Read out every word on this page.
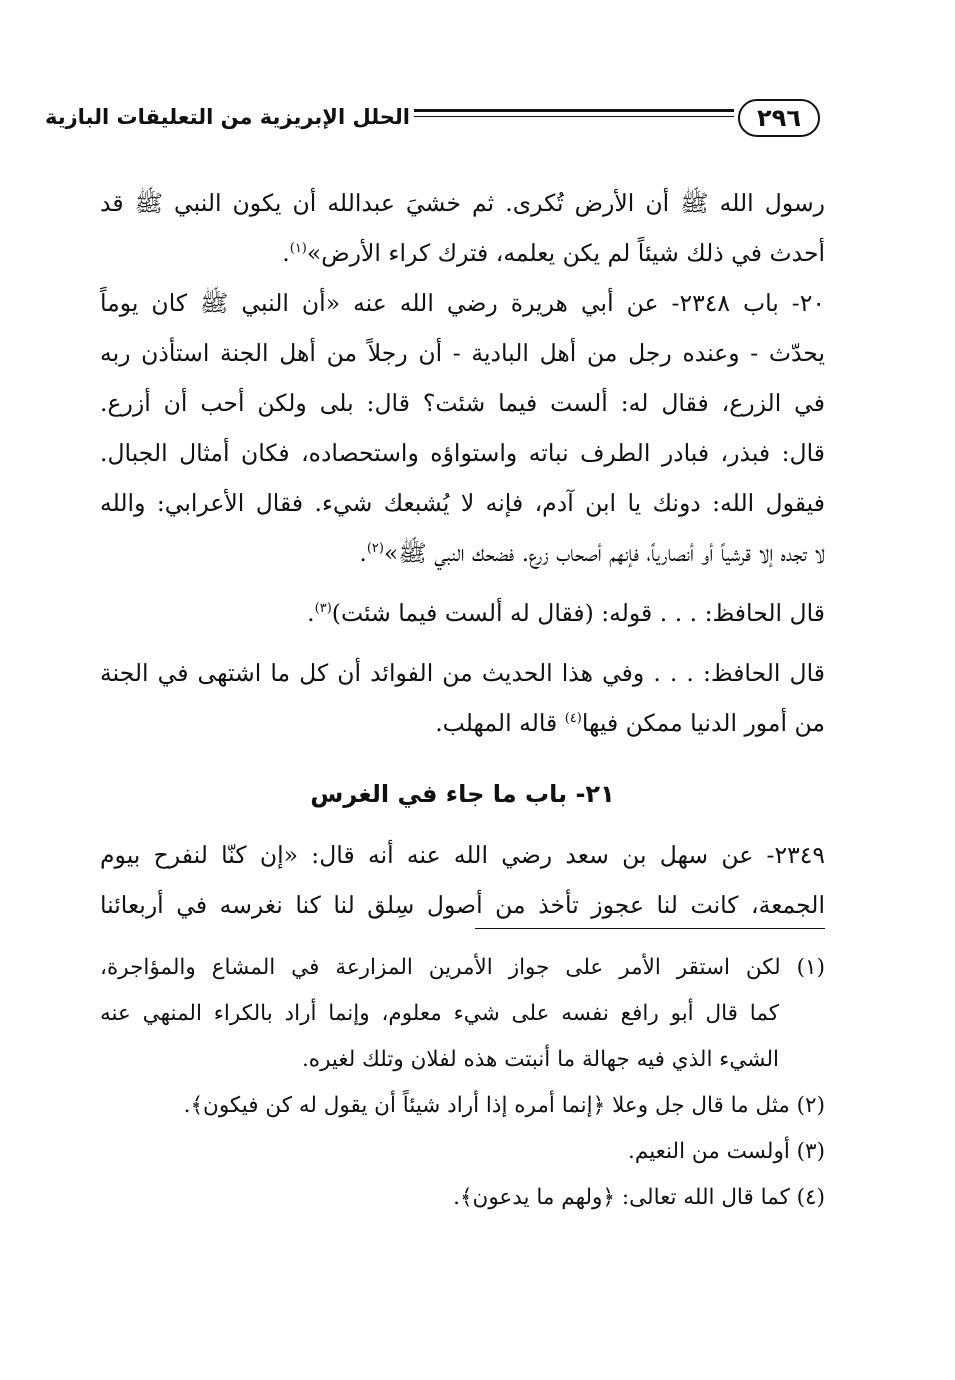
٢٩٦
الحلل الإبريزية من التعليقات البازية

رسول الله ﷺ أن الأرض تُكرى. ثم خشيَ عبدالله أن يكون النبي ﷺ قد

أحدث في ذلك شيئاً لم يكن يعلمه، فترك كراء الأرض»$^{(١)}$.

٢٠- باب ٢٣٤٨- عن أبي هريرة رضي الله عنه «أن النبي ﷺ كان يوماً

يحدّث - وعنده رجل من أهل البادية - أن رجلاً من أهل الجنة استأذن ربه

في الزرع، فقال له: ألست فيما شئت؟ قال: بلى ولكن أحب أن أزرع.

قال: فبذر، فبادر الطرف نباته واستواؤه واستحصاده، فكان أمثال الجبال.

فيقول الله: دونك يا ابن آدم، فإنه لا يُشبعك شيء. فقال الأعرابي: والله

لا تجده إلا قرشياً أو أنصارياً، فإنهم أصحاب زرع. فضحك النبي ﷺ»$^{(٢)}$.

قال الحافظ: . . . قوله: (فقال له ألست فيما شئت)$^{(٣)}$.

قال الحافظ: . . . وفي هذا الحديث من الفوائد أن كل ما اشتهى في الجنة

من أمور الدنيا ممكن فيها$^{(٤)}$ قاله المهلب.

٢١- باب ما جاء في الغرس

٢٣٤٩- عن سهل بن سعد رضي الله عنه أنه قال: «إن كنّا لنفرح بيوم

الجمعة، كانت لنا عجوز تأخذ من أصول سِلق لنا كنا نغرسه في أربعائنا

(١) لكن استقر الأمر على جواز الأمرين المزارعة في المشاع والمؤاجرة،

كما قال أبو رافع نفسه على شيء معلوم، وإنما أراد بالكراء المنهي عنه

الشيء الذي فيه جهالة ما أنبتت هذه لفلان وتلك لغيره.

(٢) مثل ما قال جل وعلا ﴿إنما أمره إذا أراد شيئاً أن يقول له كن فيكون﴾.

(٣) أولست من النعيم.

(٤) كما قال الله تعالى: ﴿ولهم ما يدعون﴾.
